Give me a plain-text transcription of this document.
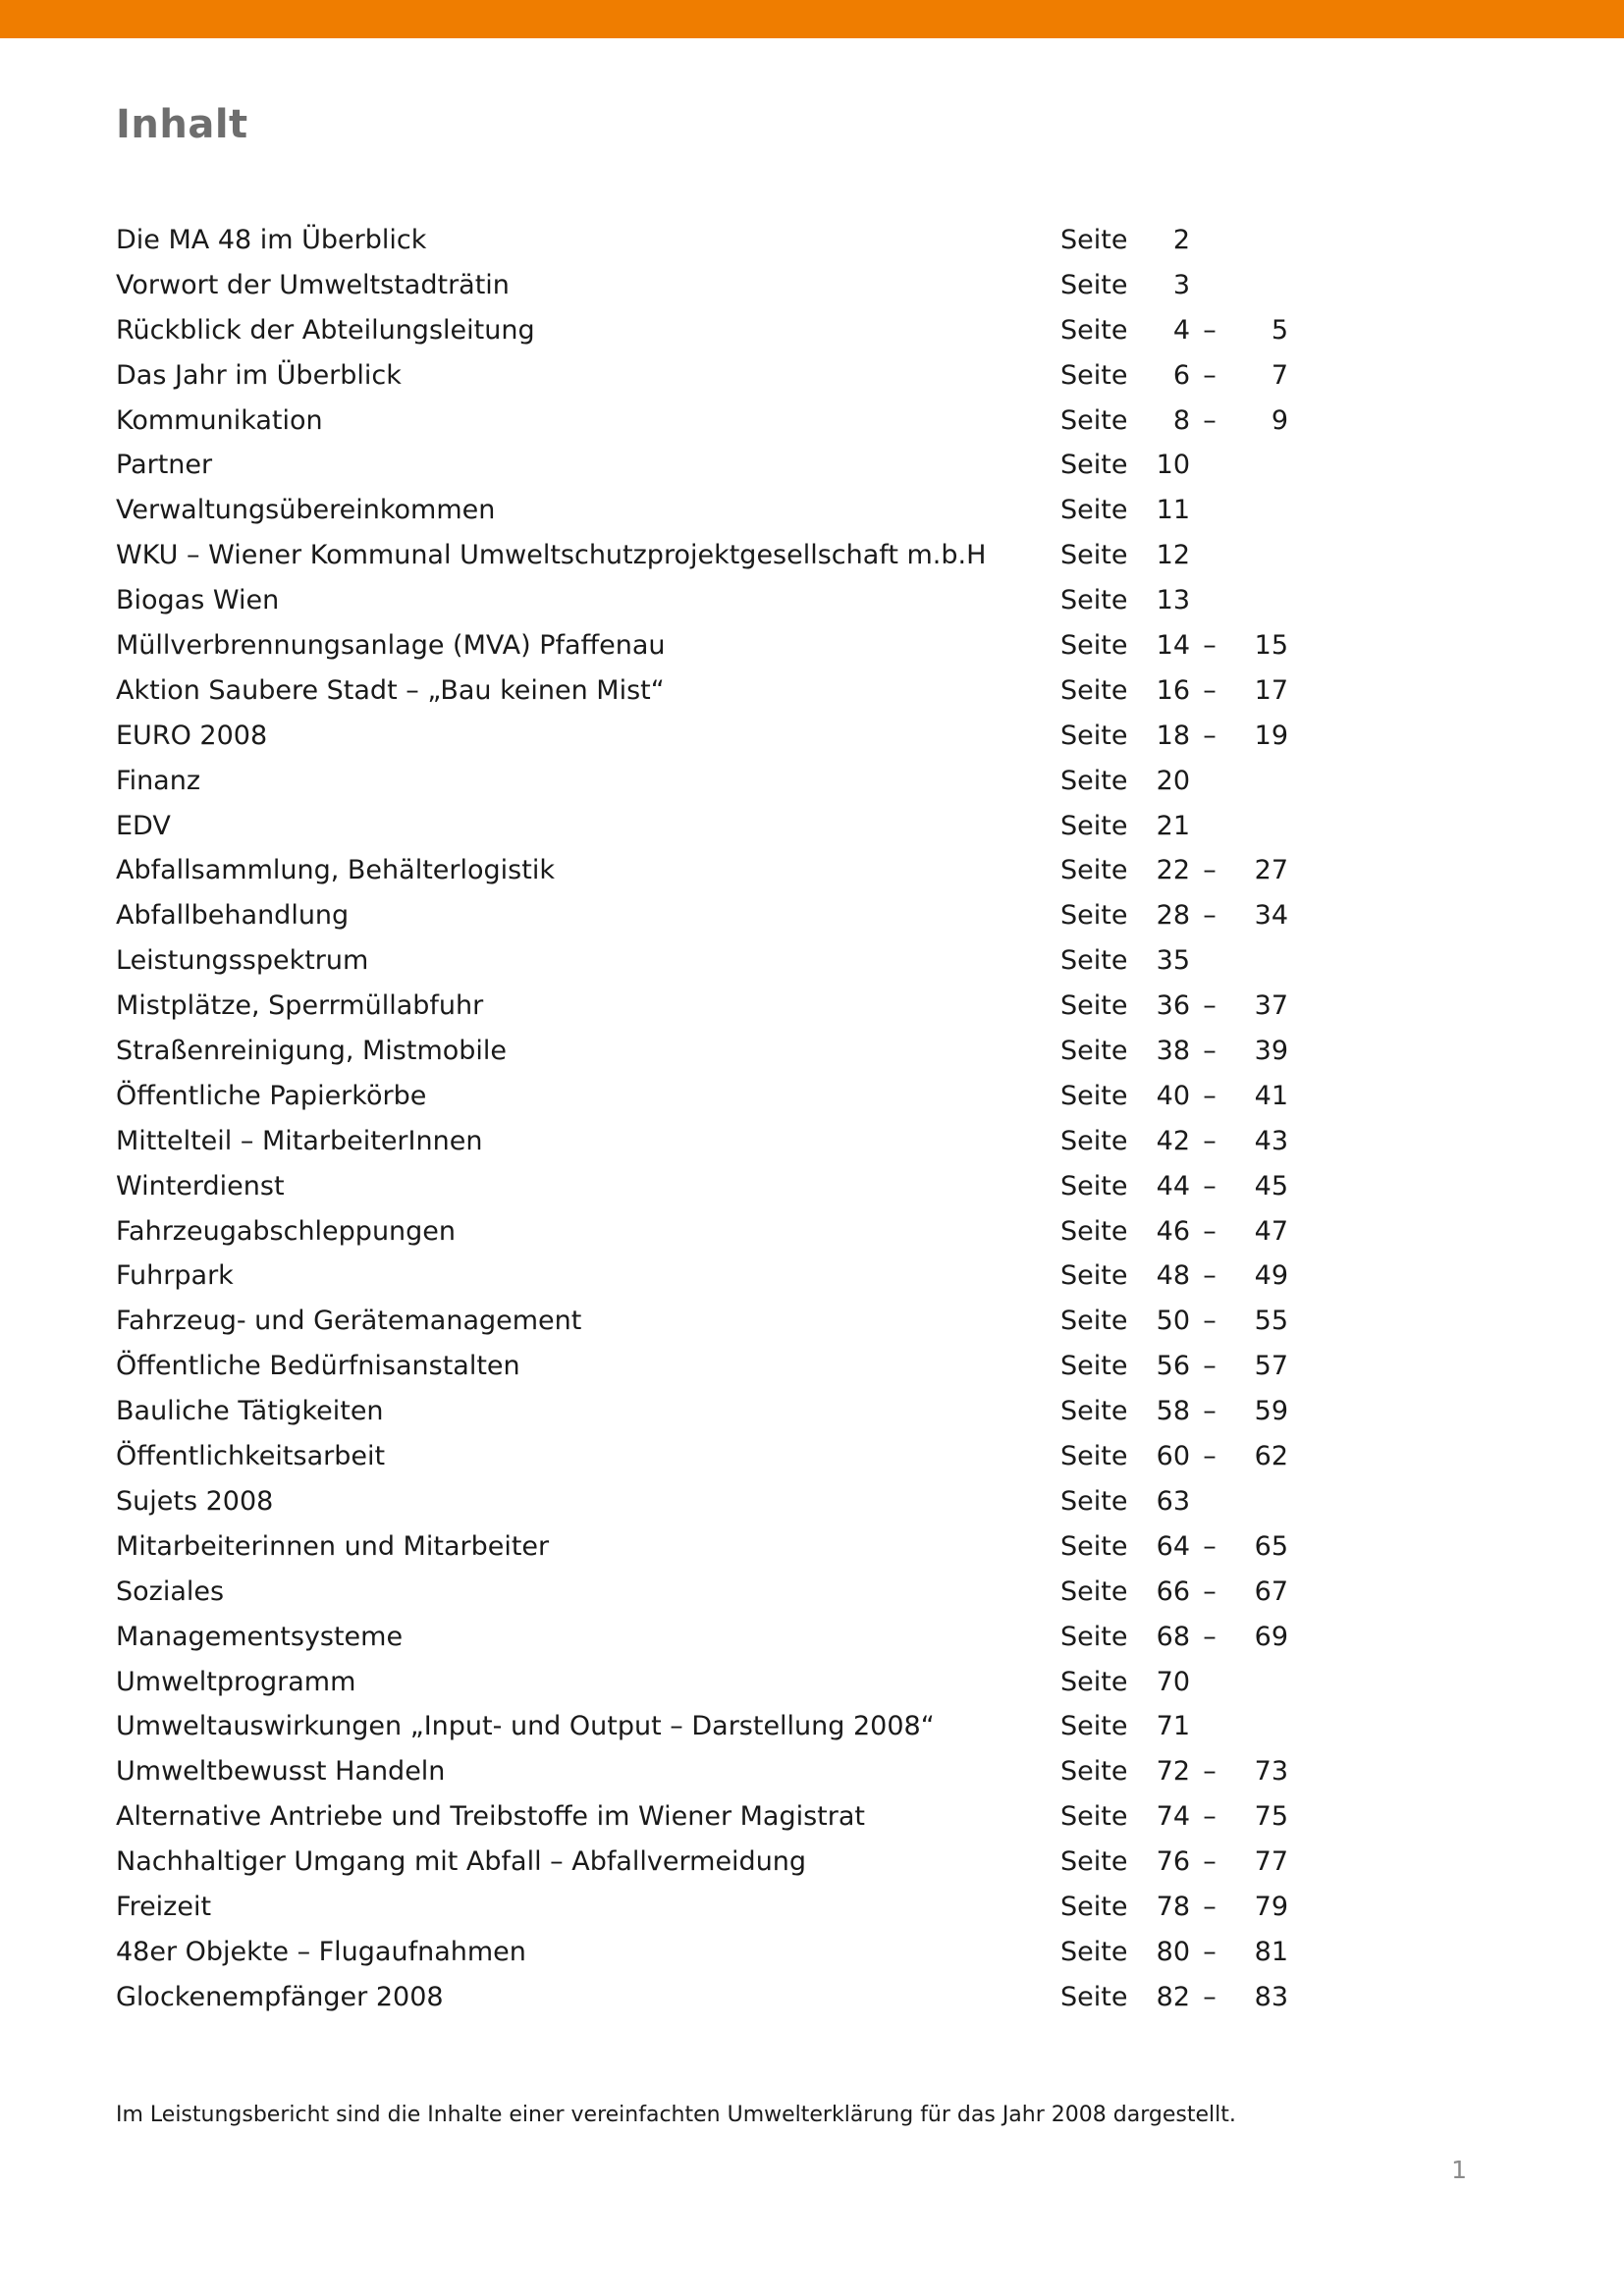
Inhalt
Die MA 48 im Überblick	Seite	2
Vorwort der Umweltstadträtin	Seite	3
Rückblick der Abteilungsleitung	Seite	4 –	5
Das Jahr im Überblick	Seite	6 –	7
Kommunikation	Seite	8 –	9
Partner	Seite	10
Verwaltungsübereinkommen	Seite	11
WKU – Wiener Kommunal Umweltschutzprojektgesellschaft m.b.H	Seite	12
Biogas Wien	Seite	13
Müllverbrennungsanlage (MVA) Pfaffenau	Seite	14 –	15
Aktion Saubere Stadt – „Bau keinen Mist“	Seite	16 –	17
EURO 2008	Seite	18 –	19
Finanz	Seite	20
EDV	Seite	21
Abfallsammlung, Behälterlogistik	Seite	22 –	27
Abfallbehandlung	Seite	28 –	34
Leistungsspektrum	Seite	35
Mistplätze, Sperrmüllabfuhr	Seite	36 –	37
Straßenreinigung, Mistmobile	Seite	38 –	39
Öffentliche Papierkörbe	Seite	40 –	41
Mittelteil – MitarbeiterInnen	Seite	42 –	43
Winterdienst	Seite	44 –	45
Fahrzeugabschleppungen	Seite	46 –	47
Fuhrpark	Seite	48 –	49
Fahrzeug- und Gerätemanagement	Seite	50 –	55
Öffentliche Bedürfnisanstalten	Seite	56 –	57
Bauliche Tätigkeiten	Seite	58 –	59
Öffentlichkeitsarbeit	Seite	60 –	62
Sujets 2008	Seite	63
Mitarbeiterinnen und Mitarbeiter	Seite	64 –	65
Soziales	Seite	66 –	67
Managementsysteme	Seite	68 –	69
Umweltprogramm	Seite	70
Umweltauswirkungen „Input- und Output – Darstellung 2008“	Seite	71
Umweltbewusst Handeln	Seite	72 –	73
Alternative Antriebe und Treibstoffe im Wiener Magistrat	Seite	74 –	75
Nachhaltiger Umgang mit Abfall – Abfallvermeidung	Seite	76 –	77
Freizeit	Seite	78 –	79
48er Objekte – Flugaufnahmen	Seite	80 –	81
Glockenempfänger 2008	Seite	82 –	83
Im Leistungsbericht sind die Inhalte einer vereinfachten Umwelterklärung für das Jahr 2008 dargestellt.
1
